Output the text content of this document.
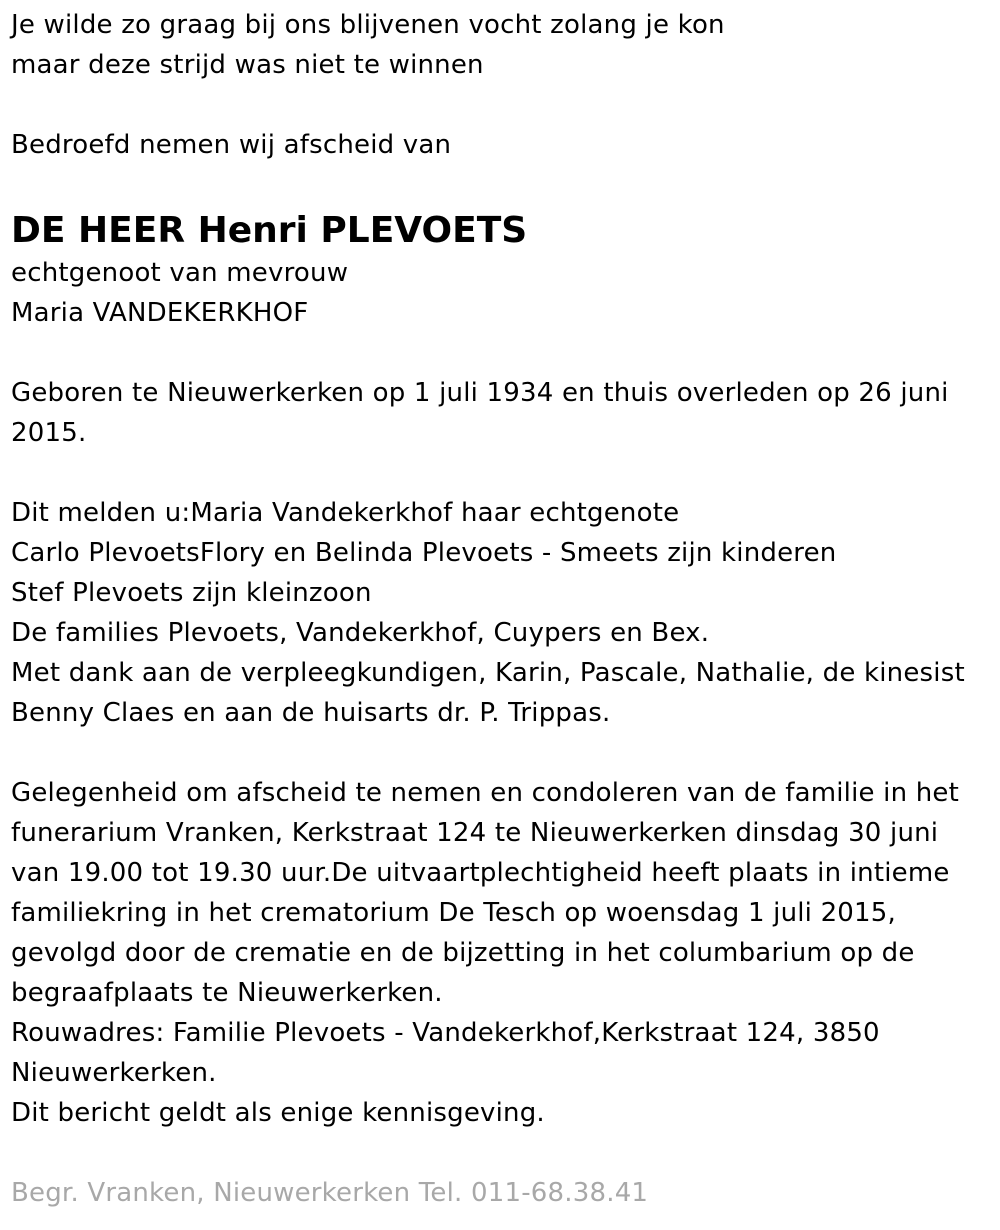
Je wilde zo graag bij ons blijvenen vocht zolang je kon
maar deze strijd was niet te winnen
Bedroefd nemen wij afscheid van
DE HEER Henri PLEVOETS
echtgenoot van mevrouw
Maria VANDEKERKHOF
Geboren te Nieuwerkerken op 1 juli 1934 en thuis overleden op 26 juni
2015.
Dit melden u:Maria Vandekerkhof haar echtgenote
Carlo PlevoetsFlory en Belinda Plevoets - Smeets zijn kinderen
Stef Plevoets zijn kleinzoon
De families Plevoets, Vandekerkhof, Cuypers en Bex.
Met dank aan de verpleegkundigen, Karin, Pascale, Nathalie, de kinesist
Benny Claes en aan de huisarts dr. P. Trippas.
Gelegenheid om afscheid te nemen en condoleren van de familie in het
funerarium Vranken, Kerkstraat 124 te Nieuwerkerken dinsdag 30 juni
van 19.00 tot 19.30 uur.De uitvaartplechtigheid heeft plaats in intieme
familiekring in het crematorium De Tesch op woensdag 1 juli 2015,
gevolgd door de crematie en de bijzetting in het columbarium op de
begraafplaats te Nieuwerkerken.
Rouwadres: Familie Plevoets - Vandekerkhof,Kerkstraat 124, 3850
Nieuwerkerken.
Dit bericht geldt als enige kennisgeving.
Begr. Vranken, Nieuwerkerken Tel. 011-68.38.41
